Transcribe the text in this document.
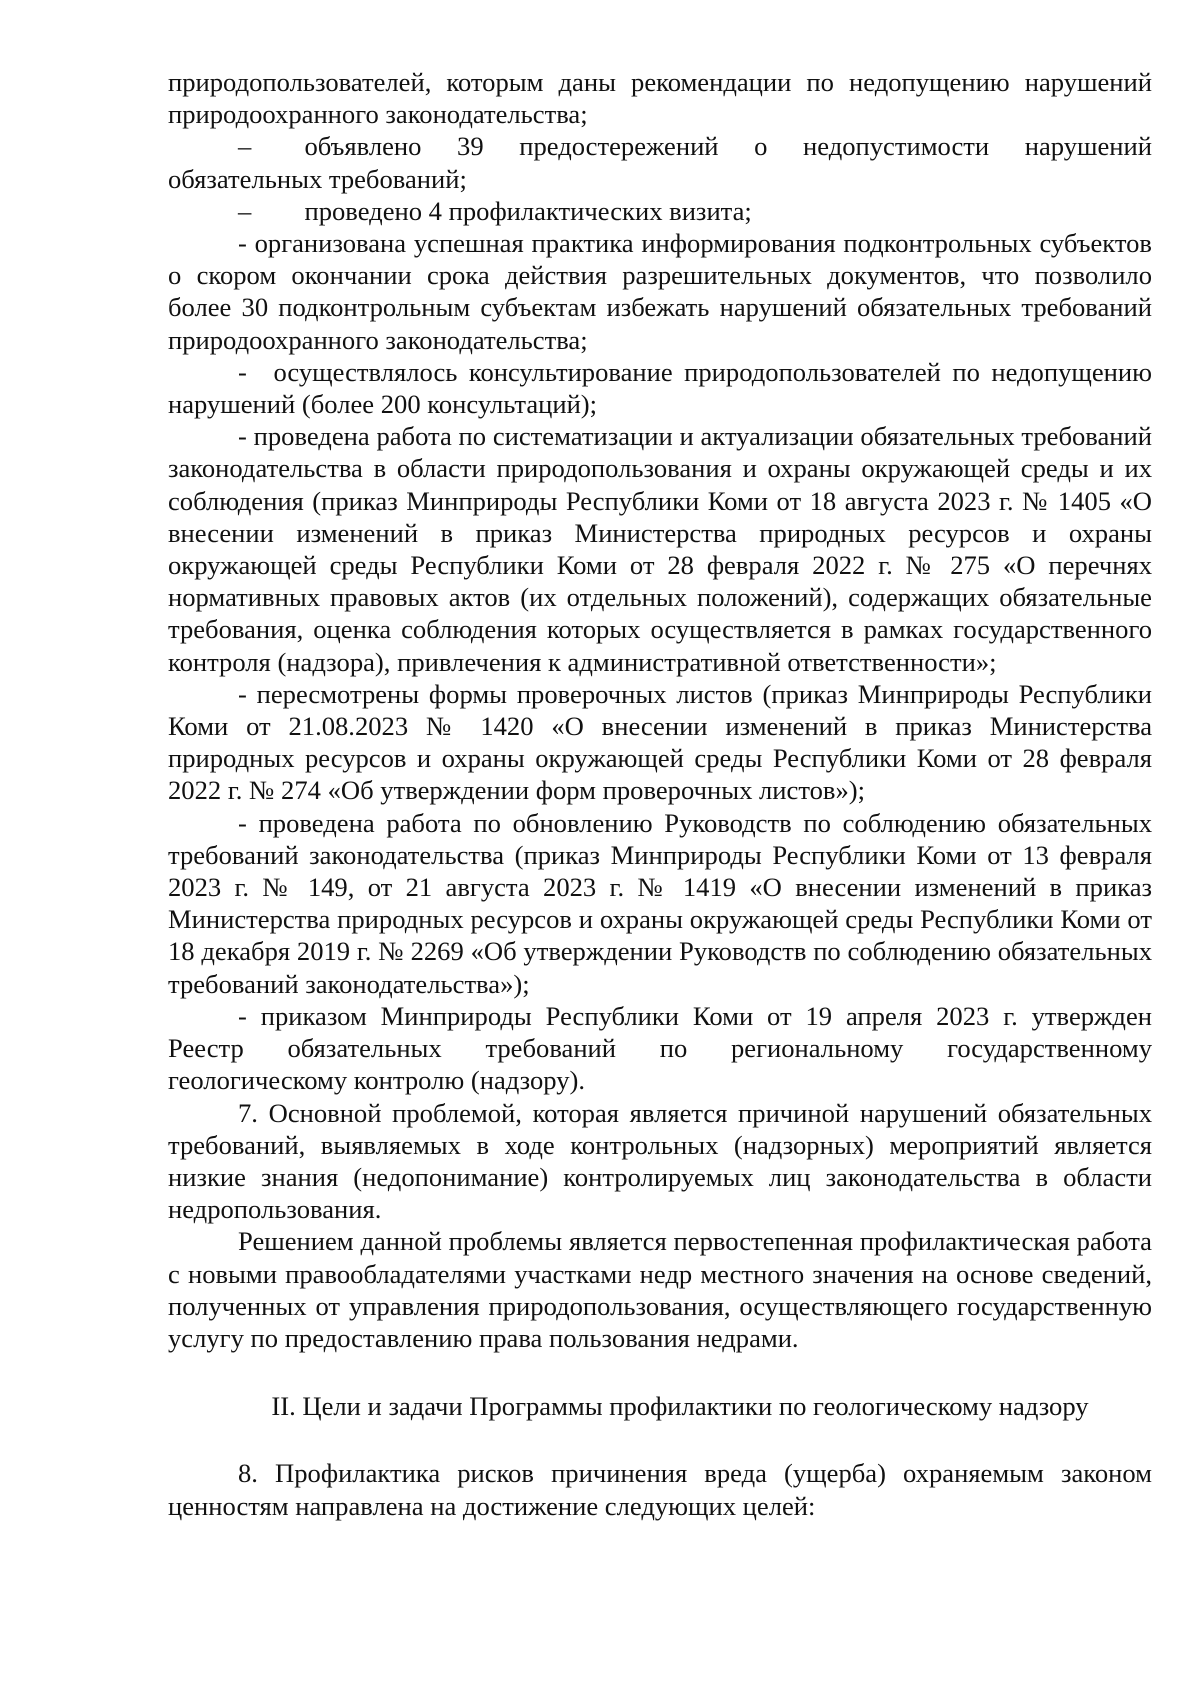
природопользователей, которым даны рекомендации по недопущению нарушений природоохранного законодательства;

–  объявлено 39 предостережений о недопустимости нарушений обязательных требований;

–  проведено 4 профилактических визита;

- организована успешная практика информирования подконтрольных субъектов о скором окончании срока действия разрешительных документов, что позволило более 30 подконтрольным субъектам избежать нарушений обязательных требований природоохранного законодательства;

- осуществлялось консультирование природопользователей по недопущению нарушений (более 200 консультаций);

- проведена работа по систематизации и актуализации обязательных требований законодательства в области природопользования и охраны окружающей среды и их соблюдения (приказ Минприроды Республики Коми от 18 августа 2023 г. № 1405 «О внесении изменений в приказ Министерства природных ресурсов и охраны окружающей среды Республики Коми от 28 февраля 2022 г. № 275 «О перечнях нормативных правовых актов (их отдельных положений), содержащих обязательные требования, оценка соблюдения которых осуществляется в рамках государственного контроля (надзора), привлечения к административной ответственности»;

- пересмотрены формы проверочных листов (приказ Минприроды Республики Коми от 21.08.2023 № 1420 «О внесении изменений в приказ Министерства природных ресурсов и охраны окружающей среды Республики Коми от 28 февраля 2022 г. № 274 «Об утверждении форм проверочных листов»);

- проведена работа по обновлению Руководств по соблюдению обязательных требований законодательства (приказ Минприроды Республики Коми от 13 февраля 2023 г. № 149, от 21 августа 2023 г. № 1419 «О внесении изменений в приказ Министерства природных ресурсов и охраны окружающей среды Республики Коми от 18 декабря 2019 г. № 2269 «Об утверждении Руководств по соблюдению обязательных требований законодательства»);

- приказом Минприроды Республики Коми от 19 апреля 2023 г. утвержден Реестр обязательных требований по региональному государственному геологическому контролю (надзору).

7. Основной проблемой, которая является причиной нарушений обязательных требований, выявляемых в ходе контрольных (надзорных) мероприятий является низкие знания (недопонимание) контролируемых лиц законодательства в области недропользования.

Решением данной проблемы является первостепенная профилактическая работа с новыми правообладателями участками недр местного значения на основе сведений, полученных от управления природопользования, осуществляющего государственную услугу по предоставлению права пользования недрами.

II. Цели и задачи Программы профилактики по геологическому надзору

8. Профилактика рисков причинения вреда (ущерба) охраняемым законом ценностям направлена на достижение следующих целей:
